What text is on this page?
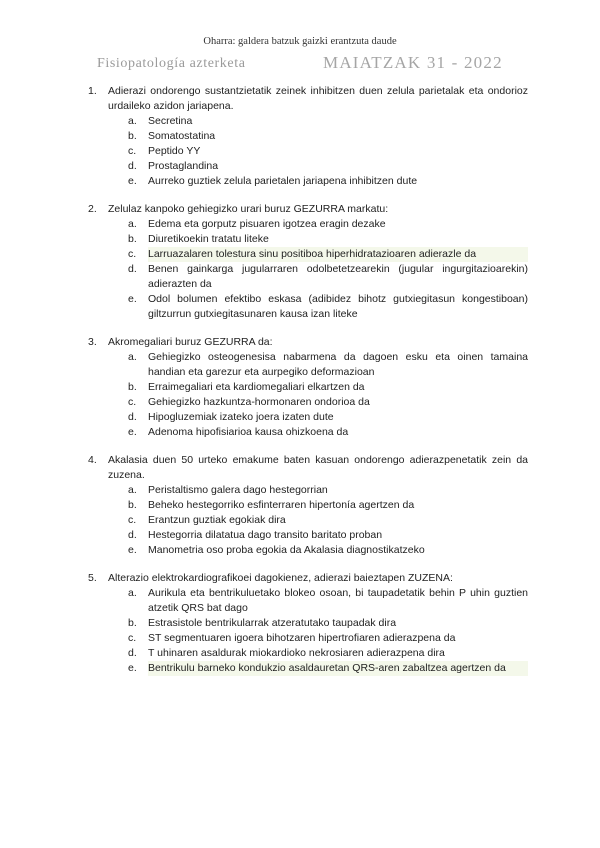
Oharra: galdera batzuk gaizki erantzuta daude
Fisiopatología azterketa	MAIATZAK 31 - 2022
1.	Adierazi ondorengo sustantzietatik zeinek inhibitzen duen zelula parietalak eta ondorioz urdaileko azidon jariapena.
a.	Secretina
b.	Somatostatina
c.	Peptido YY
d.	Prostaglandina
e.	Aurreko guztiek zelula parietalen jariapena inhibitzen dute
2.	Zelulaz kanpoko gehiegizko urari buruz GEZURRA markatu:
a.	Edema eta gorputz pisuaren igotzea eragin dezake
b.	Diuretikoekin tratatu liteke
c.	Larruazalaren tolestura sinu positiboa hiperhidratazioaren adierazle da
d.	Benen gainkarga jugularraren odolbetetzearekin (jugular ingurgitazioarekin) adierazten da
e.	Odol bolumen efektibo eskasa (adibidez bihotz gutxiegitasun kongestiboan) giltzurrun gutxiegitasunaren kausa izan liteke
3.	Akromegaliari buruz GEZURRA da:
a.	Gehiegizko osteogenesisa nabarmena da dagoen esku eta oinen tamaina handian eta garezur eta aurpegiko deformazioan
b.	Erraimegaliari eta kardiomegaliari elkartzen da
c.	Gehiegizko hazkuntza-hormonaren ondorioa da
d.	Hipogluzemiak izateko joera izaten dute
e.	Adenoma hipofisiarioa kausa ohizkoena da
4.	Akalasia duen 50 urteko emakume baten kasuan ondorengo adierazpenetatik zein da zuzena.
a.	Peristaltismo galera dago hestegorrian
b.	Beheko hestegorriko esfinterraren hipertonía agertzen da
c.	Erantzun guztiak egokiak dira
d.	Hestegorria dilatatua dago transito baritato proban
e.	Manometria oso proba egokia da Akalasia diagnostikatzeko
5.	Alterazio elektrokardiografikoei dagokienez, adierazi baieztapen ZUZENA:
a.	Aurikula eta bentrikuluetako blokeo osoan, bi taupadetatik behin P uhin guztien atzetik QRS bat dago
b.	Estrasistole bentrikularrak atzeratutako taupadak dira
c.	ST segmentuaren igoera bihotzaren hipertrofiaren adierazpena da
d.	T uhinaren asaldurak miokardioko nekrosiaren adierazpena dira
e.	Bentrikulu barneko kondukzio asaldauretan QRS-aren zabaltzea agertzen da
